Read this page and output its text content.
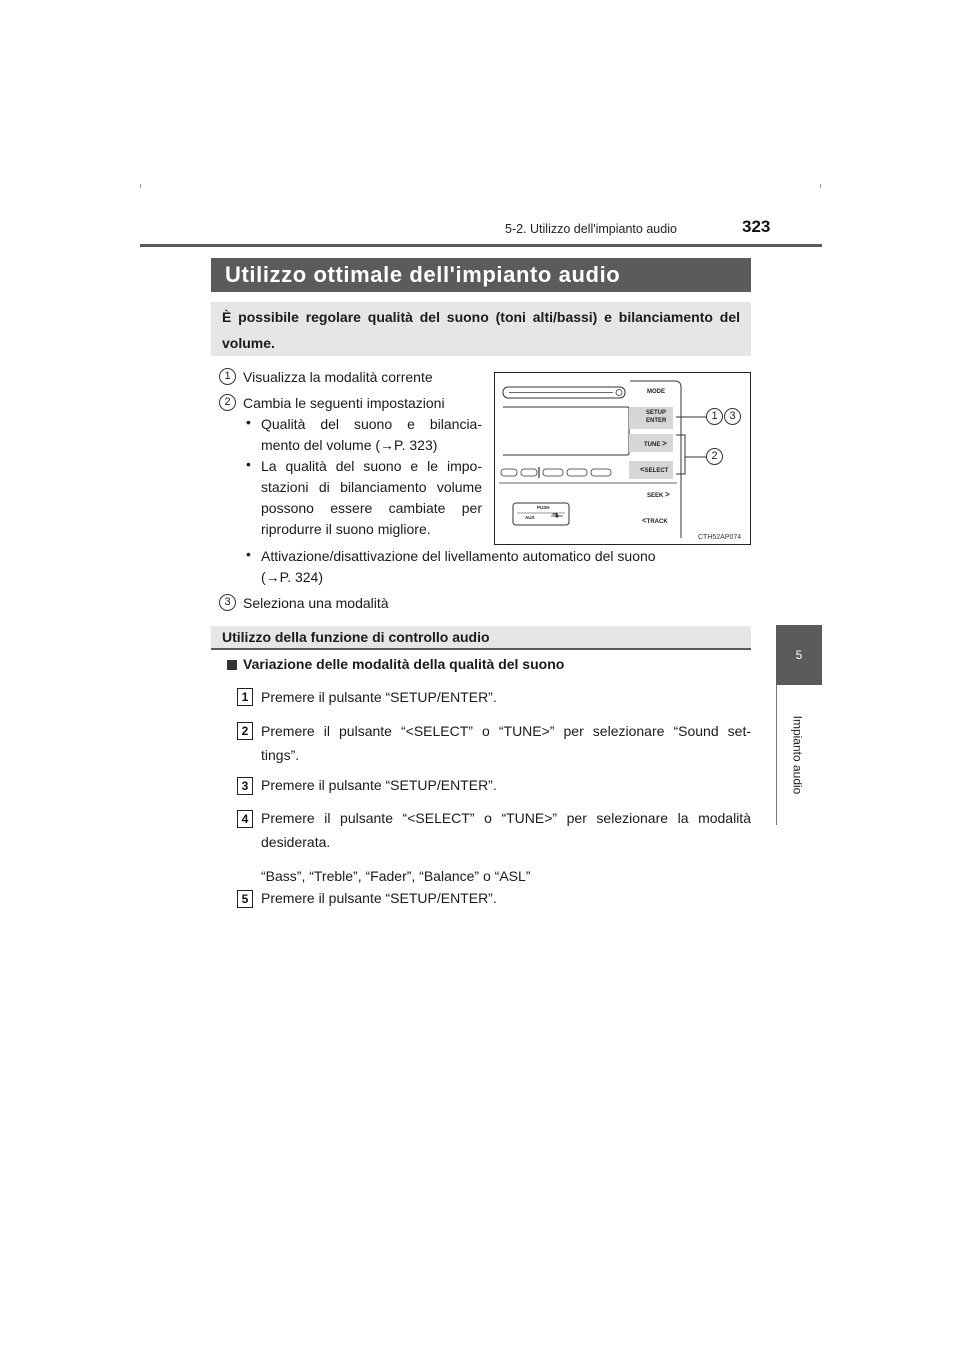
5-2. Utilizzo dell'impianto audio	323
5
Impianto audio
Utilizzo ottimale dell'impianto audio
È possibile regolare qualità del suono (toni alti/bassi) e bilanciamento del volume.
1 Visualizza la modalità corrente
2 Cambia le seguenti impostazioni
• Qualità del suono e bilancia-
mento del volume (→P. 323)
• La qualità del suono e le impo-
stazioni di bilanciamento volume
possono essere cambiate per
riprodurre il suono migliore.
• Attivazione/disattivazione del livellamento automatico del suono
(→P. 324)
3 Seleziona una modalità
MODE
SETUP
ENTER
TUNE >
<SELECT
SEEK >
<TRACK
PUSH
AUX ⇝
1	3
2
CTH52AP074
Utilizzo della funzione di controllo audio
Variazione delle modalità della qualità del suono
1 Premere il pulsante “SETUP/ENTER”.
2 Premere il pulsante “<SELECT” o “TUNE>” per selezionare “Sound set-
tings”.
3 Premere il pulsante “SETUP/ENTER”.
4 Premere il pulsante “<SELECT” o “TUNE>” per selezionare la modalità
desiderata.
“Bass”, “Treble”, “Fader”, “Balance” o “ASL”
5 Premere il pulsante “SETUP/ENTER”.
